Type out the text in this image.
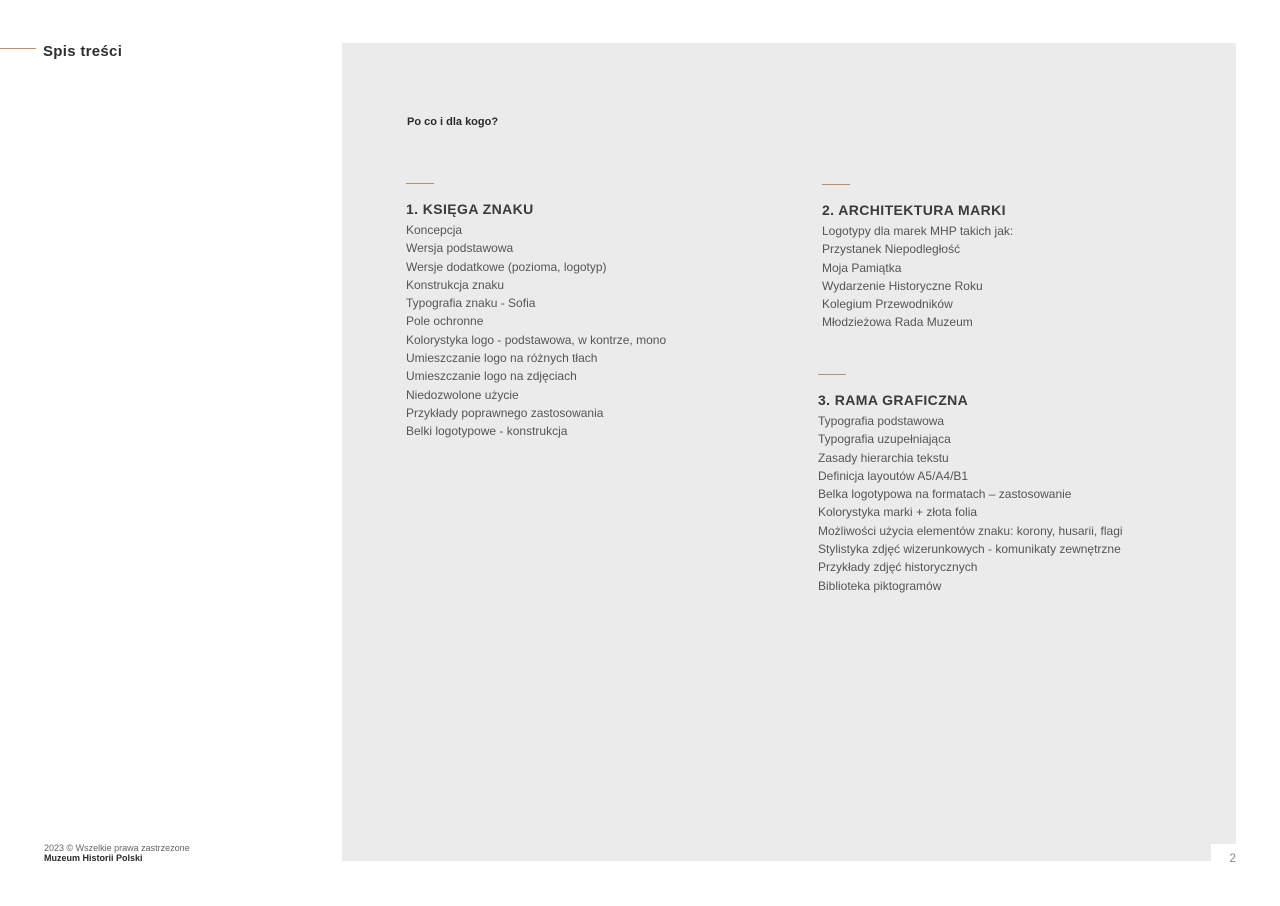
Spis treści
Po co i dla kogo?
1. KSIĘGA ZNAKU
Koncepcja
Wersja podstawowa
Wersje dodatkowe (pozioma, logotyp)
Konstrukcja znaku
Typografia znaku - Sofia
Pole ochronne
Kolorystyka logo - podstawowa, w kontrze, mono
Umieszczanie logo na różnych tłach
Umieszczanie logo na zdjęciach
Niedozwolone użycie
Przykłady poprawnego zastosowania
Belki logotypowe - konstrukcja
2. ARCHITEKTURA MARKI
Logotypy dla marek MHP takich jak:
Przystanek Niepodległość
Moja Pamiątka
Wydarzenie Historyczne Roku
Kolegium Przewodników
Młodzieżowa Rada Muzeum
3. RAMA GRAFICZNA
Typografia podstawowa
Typografia uzupełniająca
Zasady hierarchia tekstu
Definicja layoutów A5/A4/B1
Belka logotypowa na formatach – zastosowanie
Kolorystyka marki + złota folia
Możliwości użycia elementów znaku: korony, husarii, flagi
Stylistyka zdjęć wizerunkowych - komunikaty zewnętrzne
Przykłady zdjęć historycznych
Biblioteka piktogramów
2023 © Wszelkie prawa zastrzezone
Muzeum Historii Polski	2
